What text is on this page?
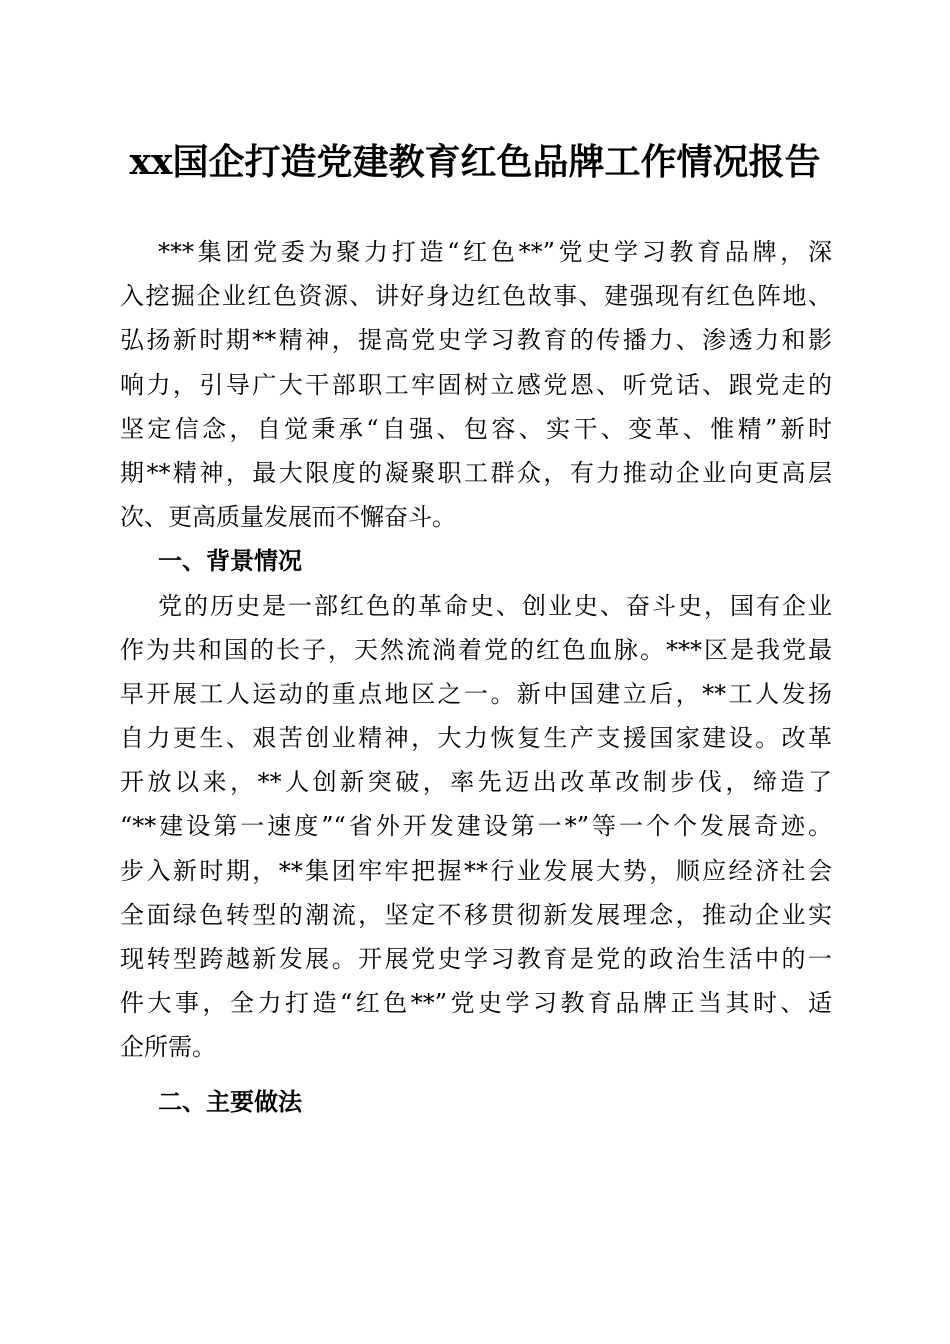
xx国企打造党建教育红色品牌工作情况报告
***集团党委为聚力打造“红色**”党史学习教育品牌，深
入挖掘企业红色资源、讲好身边红色故事、建强现有红色阵地、
弘扬新时期**精神，提高党史学习教育的传播力、渗透力和影
响力，引导广大干部职工牢固树立感党恩、听党话、跟党走的
坚定信念，自觉秉承“自强、包容、实干、变革、惟精”新时
期**精神，最大限度的凝聚职工群众，有力推动企业向更高层
次、更高质量发展而不懈奋斗。
一、背景情况
党的历史是一部红色的革命史、创业史、奋斗史，国有企业
作为共和国的长子，天然流淌着党的红色血脉。***区是我党最
早开展工人运动的重点地区之一。新中国建立后，**工人发扬
自力更生、艰苦创业精神，大力恢复生产支援国家建设。改革
开放以来，**人创新突破，率先迈出改革改制步伐，缔造了
“**建设第一速度”“省外开发建设第一*”等一个个发展奇迹。
步入新时期，**集团牢牢把握**行业发展大势，顺应经济社会
全面绿色转型的潮流，坚定不移贯彻新发展理念，推动企业实
现转型跨越新发展。开展党史学习教育是党的政治生活中的一
件大事，全力打造“红色**”党史学习教育品牌正当其时、适
企所需。
二、主要做法
